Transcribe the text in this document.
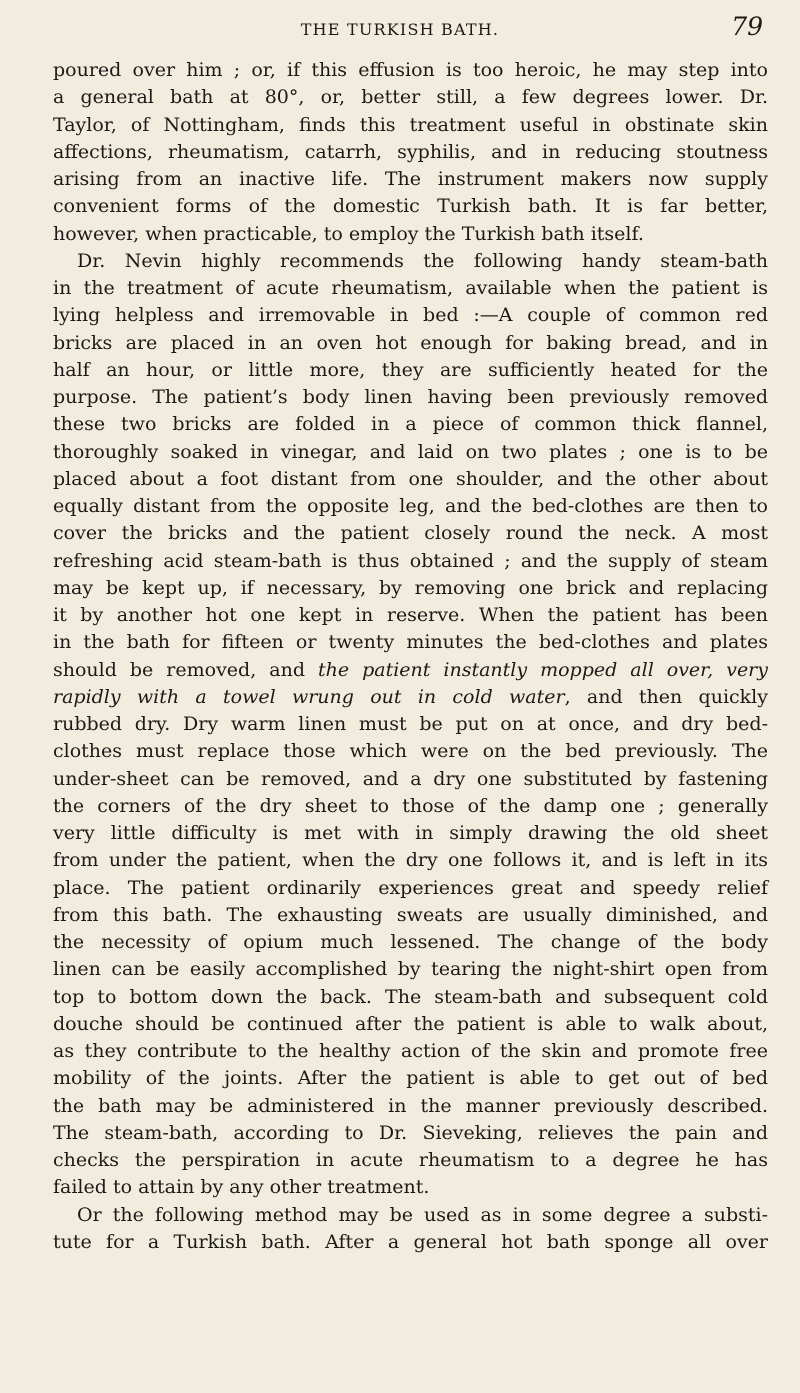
THE TURKISH BATH.	79
poured over him ; or, if this effusion is too heroic, he may step into
a general bath at 80°, or, better still, a few degrees lower. Dr.
Taylor, of Nottingham, finds this treatment useful in obstinate skin
affections, rheumatism, catarrh, syphilis, and in reducing stoutness
arising from an inactive life. The instrument makers now supply
convenient forms of the domestic Turkish bath. It is far better,
however, when practicable, to employ the Turkish bath itself.
Dr. Nevin highly recommends the following handy steam-bath
in the treatment of acute rheumatism, available when the patient is
lying helpless and irremovable in bed :—A couple of common red
bricks are placed in an oven hot enough for baking bread, and in
half an hour, or little more, they are sufficiently heated for the
purpose. The patient’s body linen having been previously removed
these two bricks are folded in a piece of common thick flannel,
thoroughly soaked in vinegar, and laid on two plates ; one is to be
placed about a foot distant from one shoulder, and the other about
equally distant from the opposite leg, and the bed-clothes are then to
cover the bricks and the patient closely round the neck. A most
refreshing acid steam-bath is thus obtained ; and the supply of steam
may be kept up, if necessary, by removing one brick and replacing
it by another hot one kept in reserve. When the patient has been
in the bath for fifteen or twenty minutes the bed-clothes and plates
should be removed, and the patient instantly mopped all over, very
rapidly with a towel wrung out in cold water, and then quickly
rubbed dry. Dry warm linen must be put on at once, and dry bed-
clothes must replace those which were on the bed previously. The
under-sheet can be removed, and a dry one substituted by fastening
the corners of the dry sheet to those of the damp one ; generally
very little difficulty is met with in simply drawing the old sheet
from under the patient, when the dry one follows it, and is left in its
place. The patient ordinarily experiences great and speedy relief
from this bath. The exhausting sweats are usually diminished, and
the necessity of opium much lessened. The change of the body
linen can be easily accomplished by tearing the night-shirt open from
top to bottom down the back. The steam-bath and subsequent cold
douche should be continued after the patient is able to walk about,
as they contribute to the healthy action of the skin and promote free
mobility of the joints. After the patient is able to get out of bed
the bath may be administered in the manner previously described.
The steam-bath, according to Dr. Sieveking, relieves the pain and
checks the perspiration in acute rheumatism to a degree he has
failed to attain by any other treatment.
Or the following method may be used as in some degree a substi-
tute for a Turkish bath. After a general hot bath sponge all over
